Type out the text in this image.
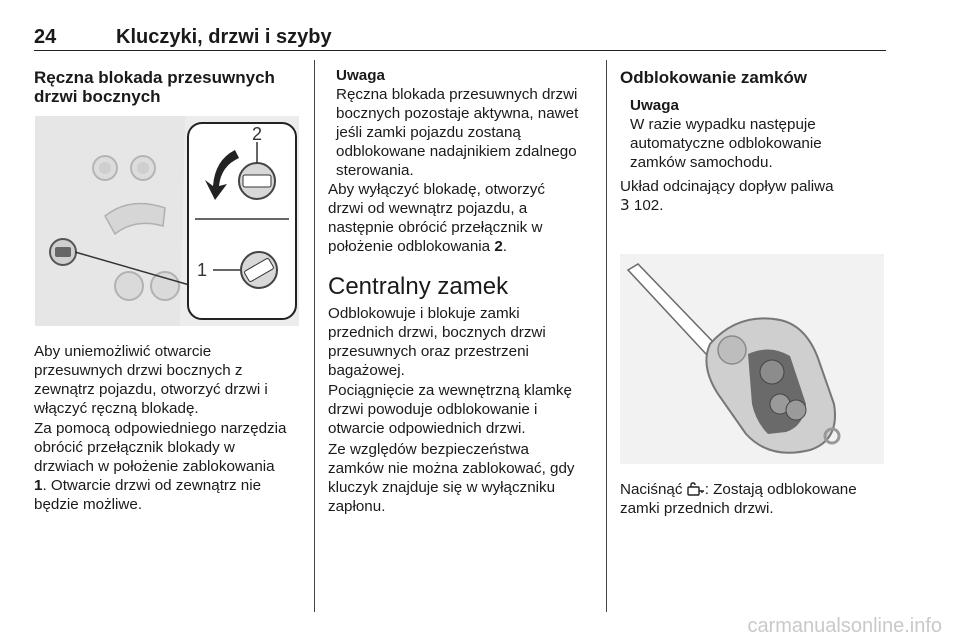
24	Kluczyki, drzwi i szyby

Ręczna blokada przesuwnych
drzwi bocznych

2
1

Aby uniemożliwić otwarcie
przesuwnych drzwi bocznych z
zewnątrz pojazdu, otworzyć drzwi i
włączyć ręczną blokadę.

Za pomocą odpowiedniego narzędzia
obrócić przełącznik blokady w
drzwiach w położenie zablokowania
1. Otwarcie drzwi od zewnątrz nie
będzie możliwe.

Uwaga
Ręczna blokada przesuwnych drzwi
bocznych pozostaje aktywna, nawet
jeśli zamki pojazdu zostaną
odblokowane nadajnikiem zdalnego
sterowania.

Aby wyłączyć blokadę, otworzyć
drzwi od wewnątrz pojazdu, a
następnie obrócić przełącznik w
położenie odblokowania 2.

Centralny zamek

Odblokowuje i blokuje zamki
przednich drzwi, bocznych drzwi
przesuwnych oraz przestrzeni
bagażowej.

Pociągnięcie za wewnętrzną klamkę
drzwi powoduje odblokowanie i
otwarcie odpowiednich drzwi.

Ze względów bezpieczeństwa
zamków nie można zablokować, gdy
kluczyk znajduje się w wyłączniku
zapłonu.

Odblokowanie zamków

Uwaga
W razie wypadku następuje
automatyczne odblokowanie
zamków samochodu.

Układ odcinający dopływ paliwa
3 102.

Naciśnąć : Zostają odblokowane
zamki przednich drzwi.

carmanualsonline.info
